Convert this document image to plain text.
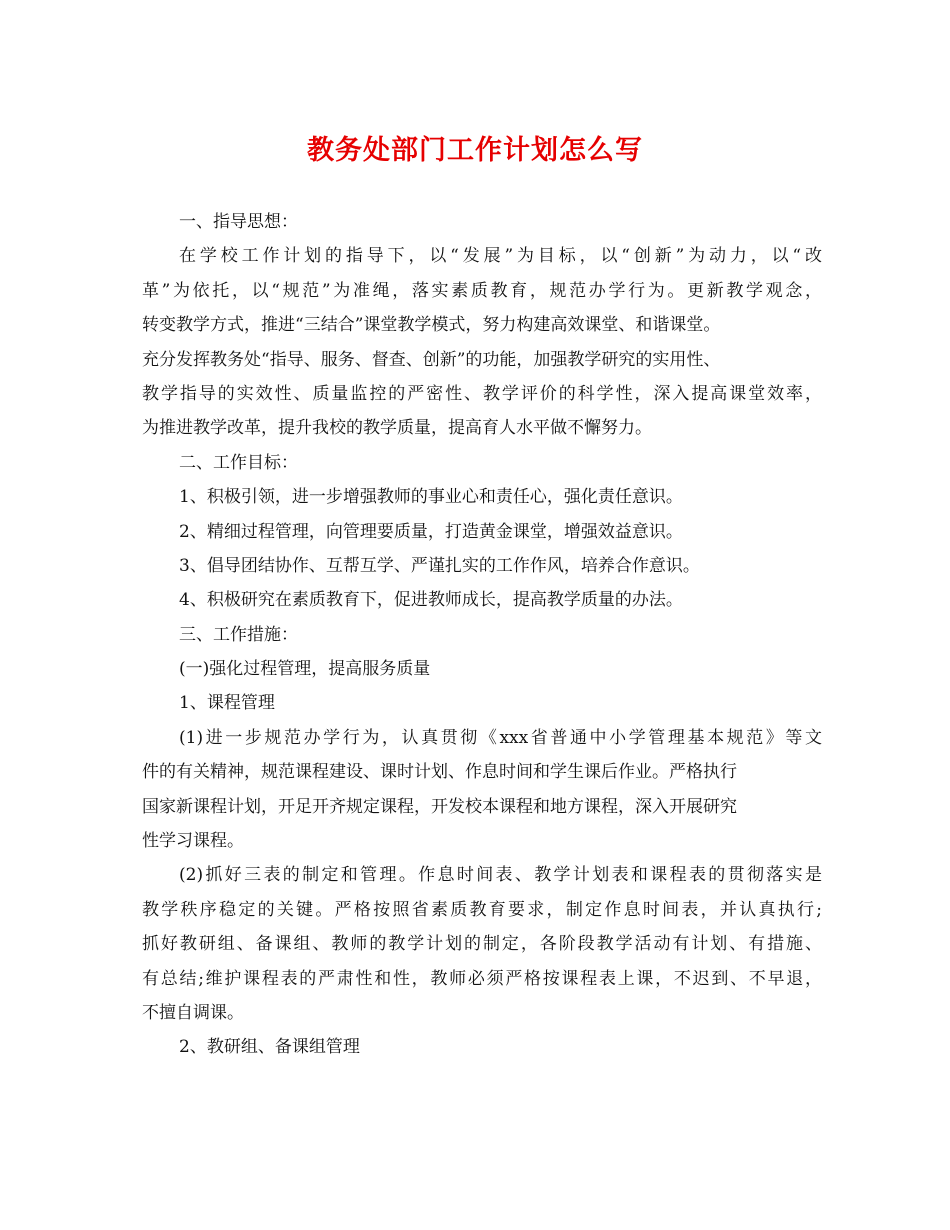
教务处部门工作计划怎么写
一、指导思想：
在学校工作计划的指导下，以“发展”为目标，以“创新”为动力，以“改
革”为依托，以“规范”为准绳，落实素质教育，规范办学行为。更新教学观念，
转变教学方式，推进“三结合”课堂教学模式，努力构建高效课堂、和谐课堂。
充分发挥教务处“指导、服务、督查、创新”的功能，加强教学研究的实用性、
教学指导的实效性、质量监控的严密性、教学评价的科学性，深入提高课堂效率，
为推进教学改革，提升我校的教学质量，提高育人水平做不懈努力。
二、工作目标：
1、积极引领，进一步增强教师的事业心和责任心，强化责任意识。
2、精细过程管理，向管理要质量，打造黄金课堂，增强效益意识。
3、倡导团结协作、互帮互学、严谨扎实的工作作风，培养合作意识。
4、积极研究在素质教育下，促进教师成长，提高教学质量的办法。
三、工作措施：
(一)强化过程管理，提高服务质量
1、课程管理
(1)进一步规范办学行为，认真贯彻《xxx省普通中小学管理基本规范》等文
件的有关精神，规范课程建设、课时计划、作息时间和学生课后作业。严格执行
国家新课程计划，开足开齐规定课程，开发校本课程和地方课程，深入开展研究
性学习课程。
(2)抓好三表的制定和管理。作息时间表、教学计划表和课程表的贯彻落实是
教学秩序稳定的关键。严格按照省素质教育要求，制定作息时间表，并认真执行;
抓好教研组、备课组、教师的教学计划的制定，各阶段教学活动有计划、有措施、
有总结;维护课程表的严肃性和性，教师必须严格按课程表上课，不迟到、不早退，
不擅自调课。
2、教研组、备课组管理
